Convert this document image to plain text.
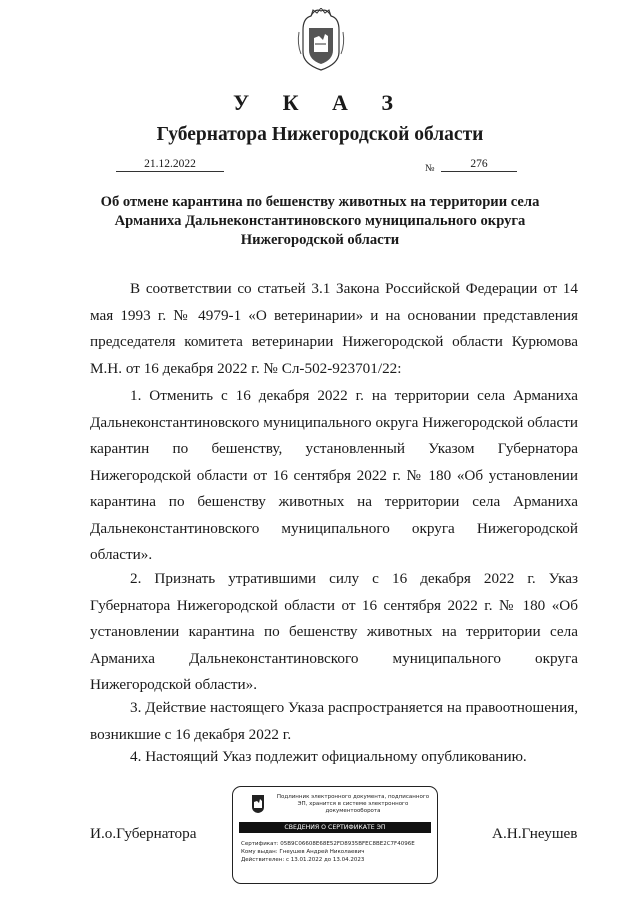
У К А З
Губернатора Нижегородской области
21.12.2022	№	276
Об отмене карантина по бешенству животных на территории села Арманиха Дальнеконстантиновского муниципального округа Нижегородской области
В соответствии со статьей 3.1 Закона Российской Федерации от 14 мая 1993 г. № 4979-1 «О ветеринарии» и на основании представления председателя комитета ветеринарии Нижегородской области Курюмова М.Н. от 16 декабря 2022 г. № Сл-502-923701/22:
1. Отменить с 16 декабря 2022 г. на территории села Арманиха Дальнеконстантиновского муниципального округа Нижегородской области карантин по бешенству, установленный Указом Губернатора Нижегородской области от 16 сентября 2022 г. № 180 «Об установлении карантина по бешенству животных на территории села Арманиха Дальнеконстантиновского муниципального округа Нижегородской области».
2. Признать утратившими силу с 16 декабря 2022 г. Указ Губернатора Нижегородской области от 16 сентября 2022 г. № 180 «Об установлении карантина по бешенству животных на территории села Арманиха Дальнеконстантиновского муниципального округа Нижегородской области».
3. Действие настоящего Указа распространяется на правоотношения, возникшие с 16 декабря 2022 г.
4. Настоящий Указ подлежит официальному опубликованию.
И.о.Губернатора	А.Н.Гнеушев
Подлинник электронного документа, подписанного ЭП, хранится в системе электронного документооборота
СВЕДЕНИЯ О СЕРТИФИКАТЕ ЭП
Сертификат: 05B9C06608E68E52FD8935BFEC8BE2C7F4096E
Кому выдан: Гнеушев Андрей Николаевич
Действителен: с 13.01.2022 до 13.04.2023
